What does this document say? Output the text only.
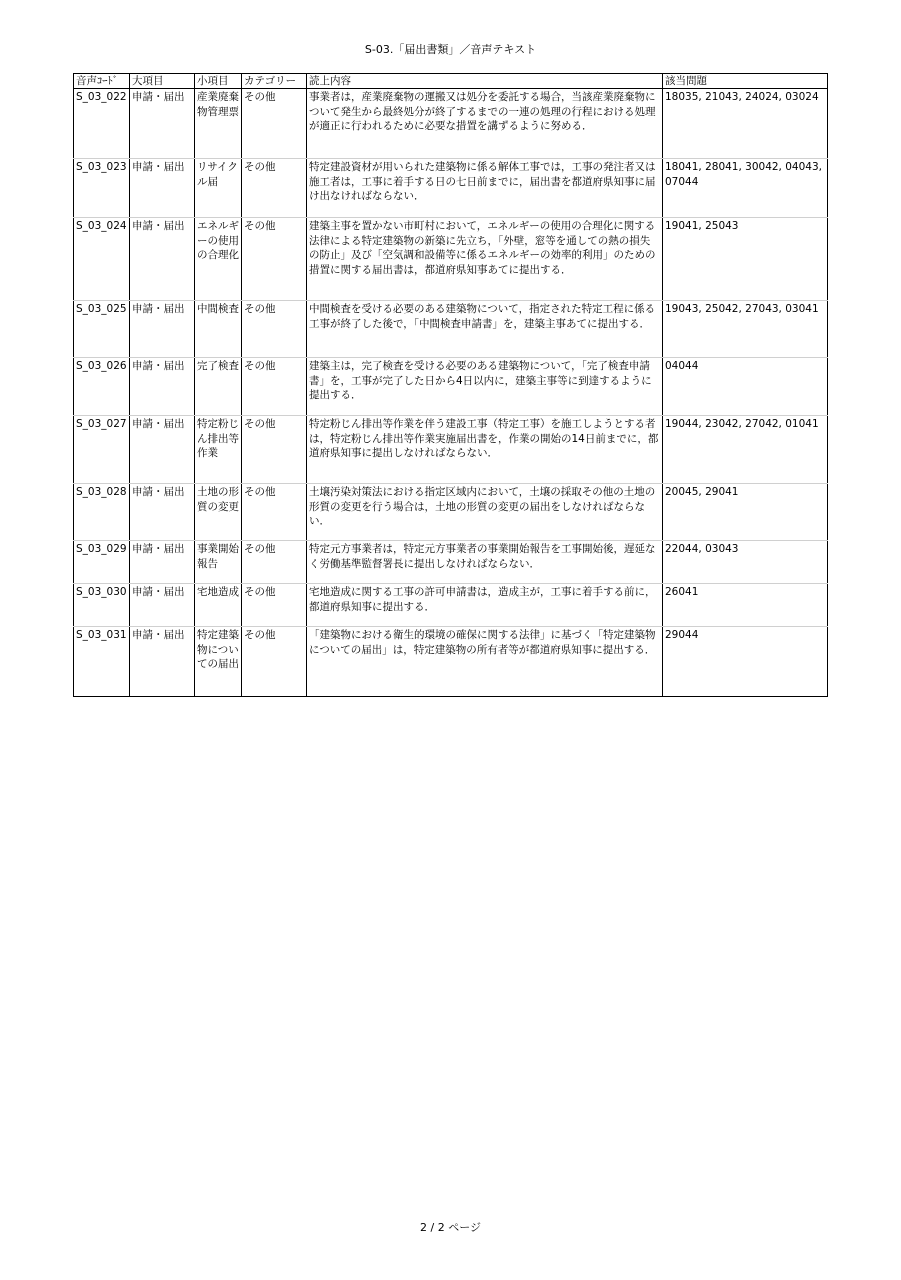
S-03.「届出書類」／音声テキスト
音声ｺｰﾄﾞ	大項目	小項目	カテゴリー	読上内容	該当問題
S_03_022	申請・届出	産業廃棄物管理票	その他	事業者は，産業廃棄物の運搬又は処分を委託する場合，当該産業廃棄物について発生から最終処分が終了するまでの一連の処理の行程における処理が適正に行われるために必要な措置を講ずるように努める．	18035, 21043, 24024, 03024
S_03_023	申請・届出	リサイクル届	その他	特定建設資材が用いられた建築物に係る解体工事では，工事の発注者又は施工者は，工事に着手する日の七日前までに，届出書を都道府県知事に届け出なければならない．	18041, 28041, 30042, 04043, 07044
S_03_024	申請・届出	エネルギーの使用の合理化	その他	建築主事を置かない市町村において，エネルギーの使用の合理化に関する法律による特定建築物の新築に先立ち，「外壁，窓等を通しての熱の損失の防止」及び「空気調和設備等に係るエネルギーの効率的利用」のための措置に関する届出書は，都道府県知事あてに提出する．	19041, 25043
S_03_025	申請・届出	中間検査	その他	中間検査を受ける必要のある建築物について，指定された特定工程に係る工事が終了した後で，「中間検査申請書」を，建築主事あてに提出する．	19043, 25042, 27043, 03041
S_03_026	申請・届出	完了検査	その他	建築主は，完了検査を受ける必要のある建築物について，「完了検査申請書」を，工事が完了した日から4日以内に，建築主事等に到達するように提出する．	04044
S_03_027	申請・届出	特定粉じん排出等作業	その他	特定粉じん排出等作業を伴う建設工事（特定工事）を施工しようとする者は，特定粉じん排出等作業実施届出書を，作業の開始の14日前までに，都道府県知事に提出しなければならない．	19044, 23042, 27042, 01041
S_03_028	申請・届出	土地の形質の変更	その他	土壌汚染対策法における指定区域内において，土壌の採取その他の土地の形質の変更を行う場合は，土地の形質の変更の届出をしなければならない．	20045, 29041
S_03_029	申請・届出	事業開始報告	その他	特定元方事業者は，特定元方事業者の事業開始報告を工事開始後，遅延なく労働基準監督署長に提出しなければならない．	22044, 03043
S_03_030	申請・届出	宅地造成	その他	宅地造成に関する工事の許可申請書は，造成主が，工事に着手する前に，都道府県知事に提出する．	26041
S_03_031	申請・届出	特定建築物についての届出	その他	「建築物における衛生的環境の確保に関する法律」に基づく「特定建築物についての届出」は，特定建築物の所有者等が都道府県知事に提出する．	29044
2 / 2 ページ
